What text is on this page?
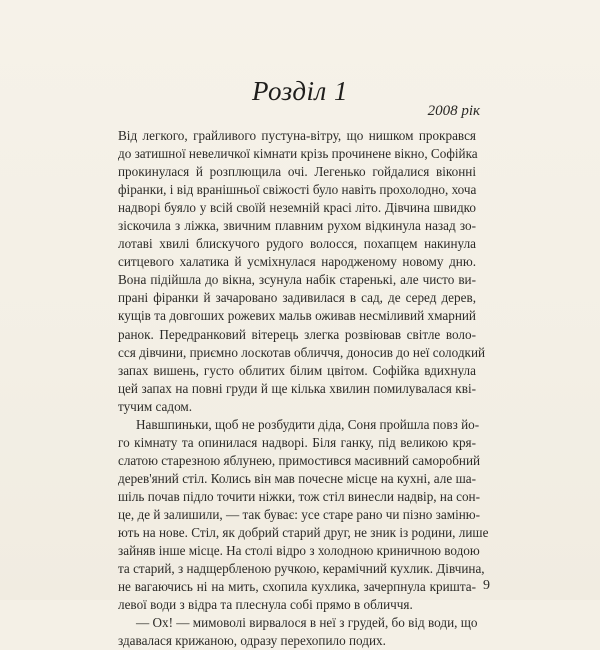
Розділ 1
2008 рік
Від легкого, грайливого пустуна-вітру, що нишком прокрався
до затишної невеличкої кімнати крізь прочинене вікно, Софійка
прокинулася й розплющила очі. Легенько гойдалися віконні
фіранки, і від вранішньої свіжості було навіть прохолодно, хоча
надворі буяло у всій своїй неземній красі літо. Дівчина швидко
зіскочила з ліжка, звичним плавним рухом відкинула назад зо-
лотаві хвилі блискучого рудого волосся, похапцем накинула
ситцевого халатика й усміхнулася народженому новому дню.
Вона підійшла до вікна, зсунула набік старенькі, але чисто ви-
прані фіранки й зачаровано задивилася в сад, де серед дерев,
кущів та довгоших рожевих мальв оживав несміливий хмарний
ранок. Передранковий вітерець злегка розвіював світле воло-
сся дівчини, приємно лоскотав обличчя, доносив до неї солодкий
запах вишень, густо облитих білим цвітом. Софійка вдихнула
цей запах на повні груди й ще кілька хвилин помилувалася кві-
тучим садом.
Навшпиньки, щоб не розбудити діда, Соня пройшла повз йо-
го кімнату та опинилася надворі. Біля ганку, під великою кря-
слатою старезною яблунею, примостився масивний саморобний
дерев'яний стіл. Колись він мав почесне місце на кухні, але ша-
шіль почав підло точити ніжки, тож стіл винесли надвір, на сон-
це, де й залишили, — так буває: усе старе рано чи пізно заміню-
ють на нове. Стіл, як добрий старий друг, не зник із родини, лише
зайняв інше місце. На столі відро з холодною криничною водою
та старий, з надщербленою ручкою, керамічний кухлик. Дівчина,
не вагаючись ні на мить, схопила кухлика, зачерпнула кришта-
левої води з відра та плеснула собі прямо в обличчя.
— Ох! — мимоволі вирвалося в неї з грудей, бо від води, що
здавалася крижаною, одразу перехопило подих.
9
